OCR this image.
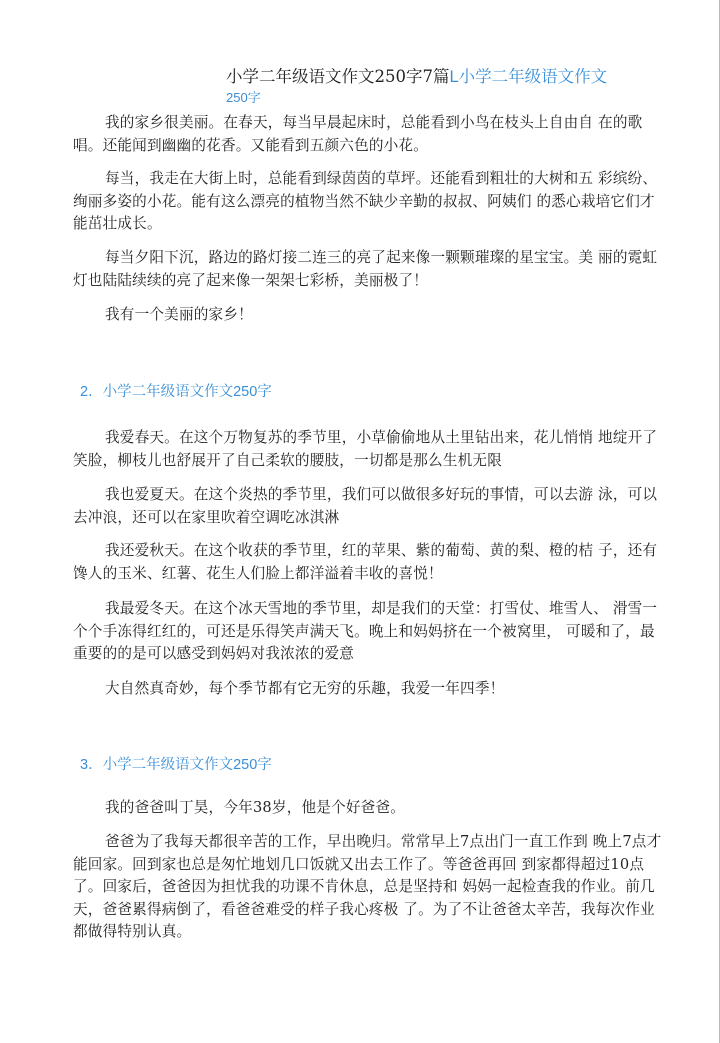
小学二年级语文作文250字7篇L小学二年级语文作文
250字
我的家乡很美丽。在春天，每当早晨起床时，总能看到小鸟在枝头上自由自 在的歌唱。还能闻到幽幽的花香。又能看到五颜六色的小花。
每当，我走在大街上时，总能看到绿茵茵的草坪。还能看到粗壮的大树和五 彩缤纷、绚丽多姿的小花。能有这么漂亮的植物当然不缺少辛勤的叔叔、阿姨们 的悉心栽培它们才能茁壮成长。
每当夕阳下沉，路边的路灯接二连三的亮了起来像一颗颗璀璨的星宝宝。美 丽的霓虹灯也陆陆续续的亮了起来像一架架七彩桥，美丽极了！
我有一个美丽的家乡！
2．小学二年级语文作文250字
我爱春天。在这个万物复苏的季节里，小草偷偷地从土里钻出来，花儿悄悄 地绽开了笑脸，柳枝儿也舒展开了自己柔软的腰肢，一切都是那么生机无限
我也爱夏天。在这个炎热的季节里，我们可以做很多好玩的事情，可以去游 泳，可以去冲浪，还可以在家里吹着空调吃冰淇淋
我还爱秋天。在这个收获的季节里，红的苹果、紫的葡萄、黄的梨、橙的桔 子，还有馋人的玉米、红薯、花生人们脸上都洋溢着丰收的喜悦！
我最爱冬天。在这个冰天雪地的季节里，却是我们的天堂：打雪仗、堆雪人、 滑雪一个个手冻得红红的，可还是乐得笑声满天飞。晚上和妈妈挤在一个被窝里， 可暖和了，最重要的的是可以感受到妈妈对我浓浓的爱意
大自然真奇妙，每个季节都有它无穷的乐趣，我爱一年四季！
3．小学二年级语文作文250字
我的爸爸叫丁昊，今年38岁，他是个好爸爸。
爸爸为了我每天都很辛苦的工作，早出晚归。常常早上7点出门一直工作到 晚上7点才能回家。回到家也总是匆忙地划几口饭就又出去工作了。等爸爸再回 到家都得超过10点了。回家后，爸爸因为担忧我的功课不肯休息，总是坚持和 妈妈一起检查我的作业。前几天，爸爸累得病倒了，看爸爸难受的样子我心疼极 了。为了不让爸爸太辛苦，我每次作业都做得特别认真。
